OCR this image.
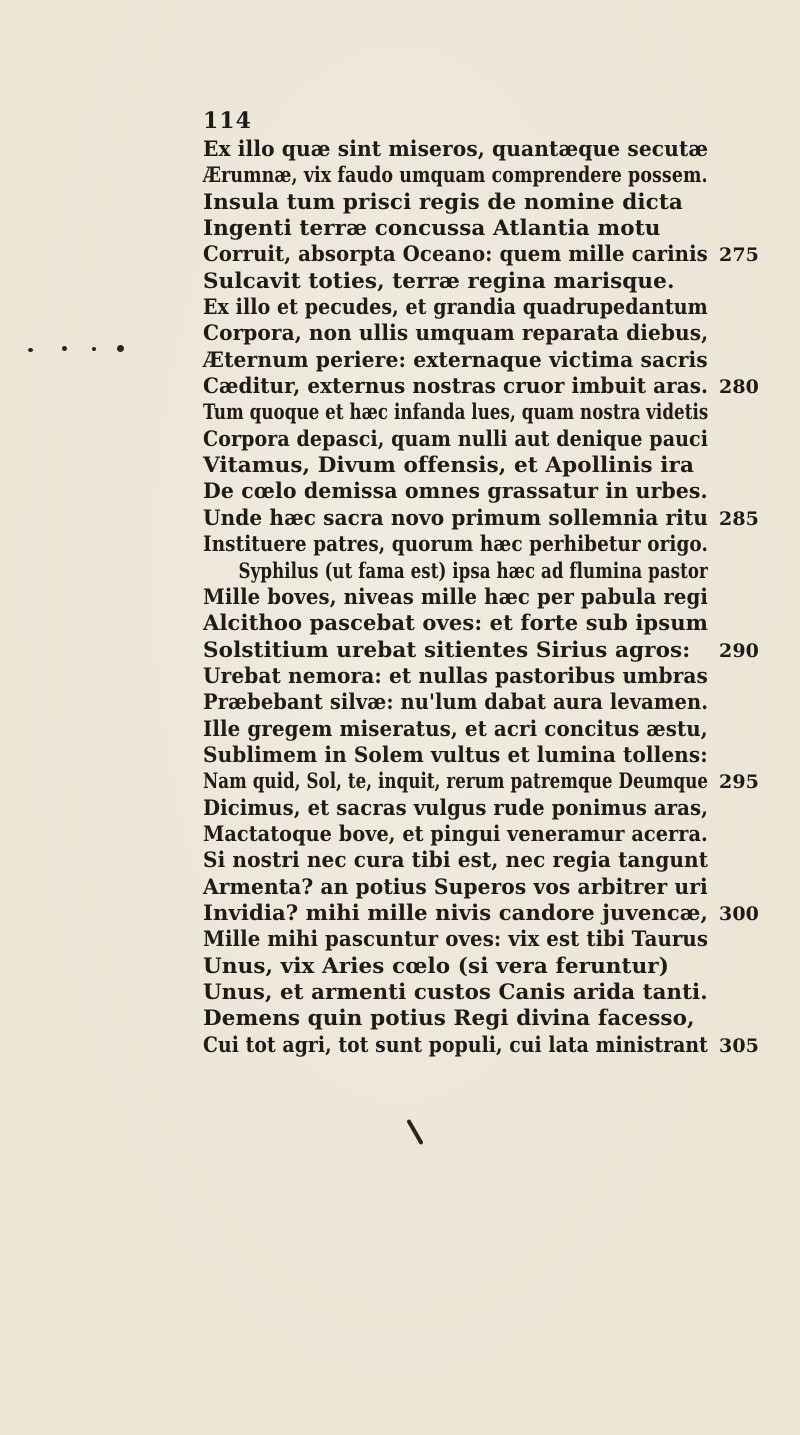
114
Ex illo quæ sint miseros, quantæque secutæ
Ærumnæ, vix faudo umquam comprendere possem.
Insula tum prisci regis de nomine dicta
Ingenti terræ concussa Atlantia motu
Corruit, absorpta Oceano: quem mille carinis 275
Sulcavit toties, terræ regina marisque.
Ex illo et pecudes, et grandia quadrupedantum
Corpora, non ullis umquam reparata diebus,
Æternum periere: externaque victima sacris
Cæditur, externus nostras cruor imbuit aras. 280
Tum quoque et hæc infanda lues, quam nostra videtis
Corpora depasci, quam nulli aut denique pauci
Vitamus, Divum offensis, et Apollinis ira
De cœlo demissa omnes grassatur in urbes.
Unde hæc sacra novo primum sollemnia ritu 285
Instituere patres, quorum hæc perhibetur origo.
Syphilus (ut fama est) ipsa hæc ad flumina pastor
Mille boves, niveas mille hæc per pabula regi
Alcithoo pascebat oves: et forte sub ipsum
Solstitium urebat sitientes Sirius agros: 290
Urebat nemora: et nullas pastoribus umbras
Præbebant silvæ: nu'lum dabat aura levamen.
Ille gregem miseratus, et acri concitus æstu,
Sublimem in Solem vultus et lumina tollens:
Nam quid, Sol, te, inquit, rerum patremque Deumque 295
Dicimus, et sacras vulgus rude ponimus aras,
Mactatoque bove, et pingui veneramur acerra.
Si nostri nec cura tibi est, nec regia tangunt
Armenta? an potius Superos vos arbitrer uri
Invidia? mihi mille nivis candore juvencæ, 300
Mille mihi pascuntur oves: vix est tibi Taurus
Unus, vix Aries cœlo (si vera feruntur)
Unus, et armenti custos Canis arida tanti.
Demens quin potius Regi divina facesso,
Cui tot agri, tot sunt populi, cui lata ministrant 305
